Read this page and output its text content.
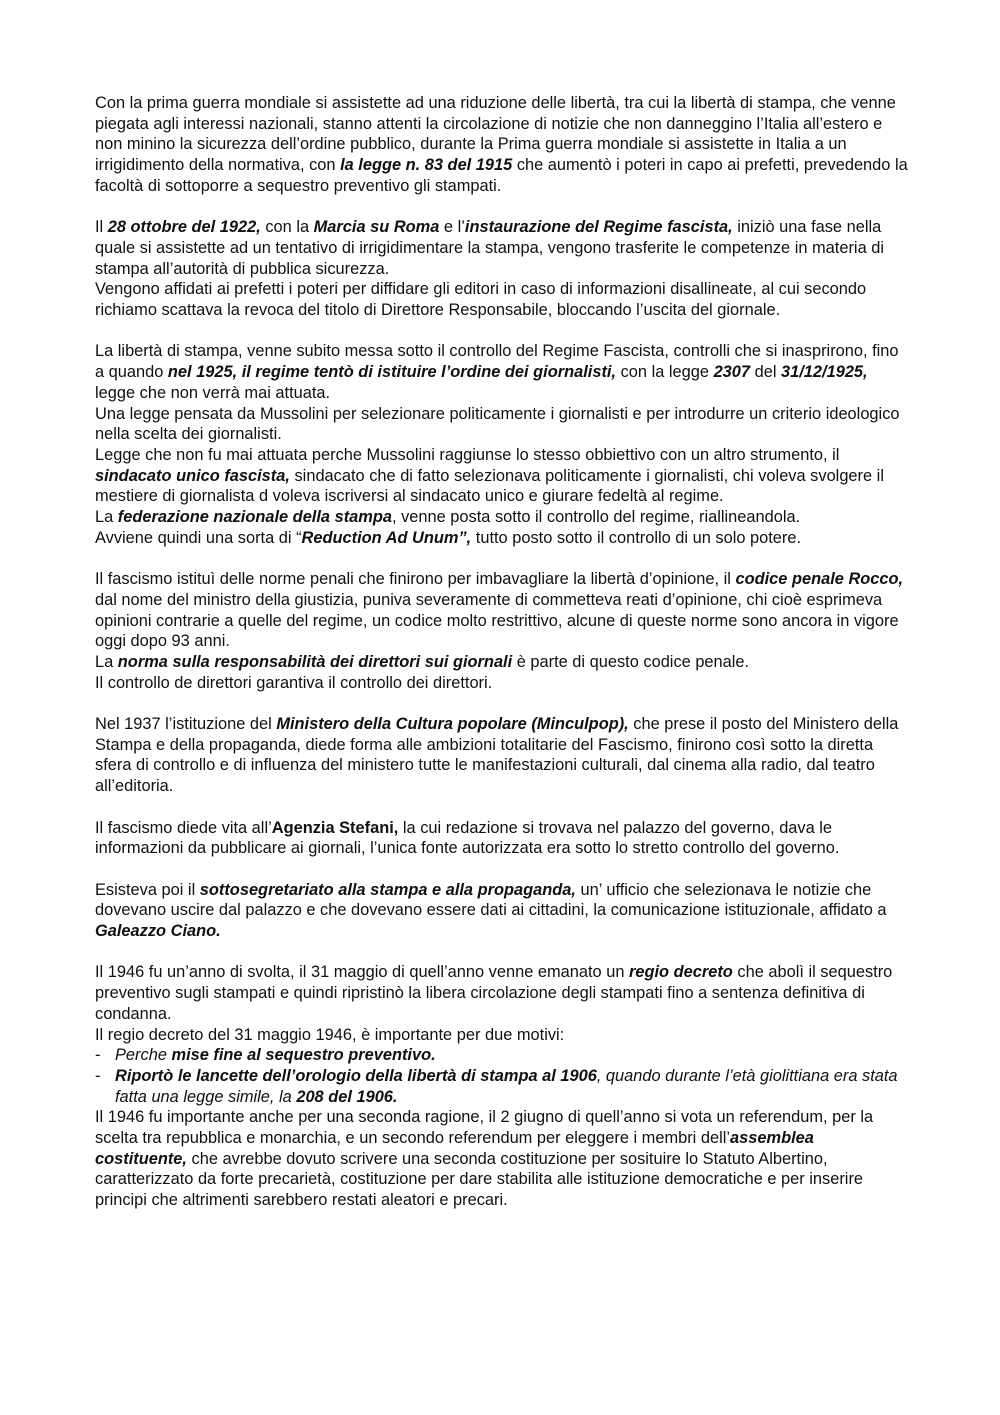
Con la prima guerra mondiale si assistette ad una riduzione delle libertà, tra cui la libertà di stampa, che venne piegata agli interessi nazionali, stanno attenti la circolazione di notizie che non danneggino l’Italia all’estero e non minino la sicurezza dell’ordine pubblico, durante la Prima guerra mondiale si assistette in Italia a un irrigidimento della normativa, con la legge n. 83 del 1915 che aumentò i poteri in capo ai prefetti, prevedendo la facoltà di sottoporre a sequestro preventivo gli stampati.

Il 28 ottobre del 1922, con la Marcia su Roma e l’instaurazione del Regime fascista, iniziò una fase nella quale si assistette ad un tentativo di irrigidimentare la stampa, vengono trasferite le competenze in materia di stampa all’autorità di pubblica sicurezza.

Vengono affidati ai prefetti i poteri per diffidare gli editori in caso di informazioni disallineate, al cui secondo richiamo scattava la revoca del titolo di Direttore Responsabile, bloccando l’uscita del giornale.

La libertà di stampa, venne subito messa sotto il controllo del Regime Fascista, controlli che si inasprirono, fino a quando nel 1925, il regime tentò di istituire l’ordine dei giornalisti, con la legge 2307 del 31/12/1925, legge che non verrà mai attuata.

Una legge pensata da Mussolini per selezionare politicamente i giornalisti e per introdurre un criterio ideologico nella scelta dei giornalisti.

Legge che non fu mai attuata perche Mussolini raggiunse lo stesso obbiettivo con un altro strumento, il sindacato unico fascista, sindacato che di fatto selezionava politicamente i giornalisti, chi voleva svolgere il mestiere di giornalista d voleva iscriversi al sindacato unico e giurare fedeltà al regime.

La federazione nazionale della stampa, venne posta sotto il controllo del regime, riallineandola.

Avviene quindi una sorta di “Reduction Ad Unum”, tutto posto sotto il controllo di un solo potere.

Il fascismo istituì delle norme penali che finirono per imbavagliare la libertà d’opinione, il codice penale Rocco, dal nome del ministro della giustizia, puniva severamente di commetteva reati d’opinione, chi cioè esprimeva opinioni contrarie a quelle del regime, un codice molto restrittivo, alcune di queste norme sono ancora in vigore oggi dopo 93 anni.

La norma sulla responsabilità dei direttori sui giornali è parte di questo codice penale.

Il controllo de direttori garantiva il controllo dei direttori.

Nel 1937 l’istituzione del Ministero della Cultura popolare (Minculpop), che prese il posto del Ministero della Stampa e della propaganda, diede forma alle ambizioni totalitarie del Fascismo, finirono così sotto la diretta sfera di controllo e di influenza del ministero tutte le manifestazioni culturali, dal cinema alla radio, dal teatro all’editoria.

Il fascismo diede vita all’Agenzia Stefani, la cui redazione si trovava nel palazzo del governo, dava le informazioni da pubblicare ai giornali, l’unica fonte autorizzata era sotto lo stretto controllo del governo.

Esisteva poi il sottosegretariato alla stampa e alla propaganda, un’ ufficio che selezionava le notizie che dovevano uscire dal palazzo e che dovevano essere dati ai cittadini, la comunicazione istituzionale, affidato a Galeazzo Ciano.

Il 1946 fu un’anno di svolta, il 31 maggio di quell’anno venne emanato un regio decreto che abolì il sequestro preventivo sugli stampati e quindi ripristinò la libera circolazione degli stampati fino a sentenza definitiva di condanna.

Il regio decreto del 31 maggio 1946, è importante per due motivi:

- Perche mise fine al sequestro preventivo.
- Riportò le lancette dell’orologio della libertà di stampa al 1906, quando durante l’età giolittiana era stata fatta una legge simile, la 208 del 1906.

Il 1946 fu importante anche per una seconda ragione, il 2 giugno di quell’anno si vota un referendum, per la scelta tra repubblica e monarchia, e un secondo referendum per eleggere i membri dell’assemblea costituente, che avrebbe dovuto scrivere una seconda costituzione per sosituire lo Statuto Albertino, caratterizzato da forte precarietà, costituzione per dare stabilita alle istituzione democratiche e per inserire principi che altrimenti sarebbero restati aleatori e precari.
